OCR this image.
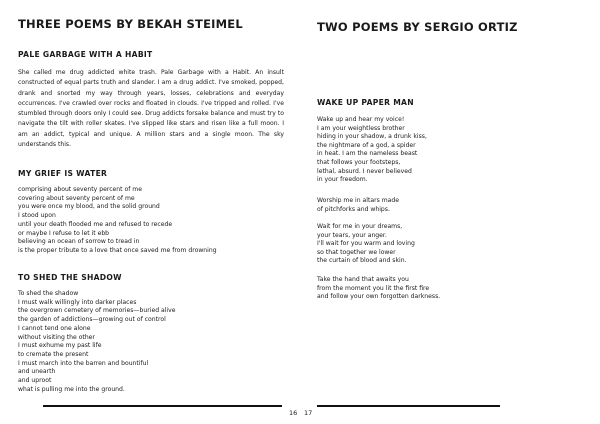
THREE POEMS BY BEKAH STEIMEL
PALE GARBAGE WITH A HABIT

She called me drug addicted white trash. Pale Garbage with a Habit. An insult constructed of equal parts truth and slander. I am a drug addict. I've smoked, popped, drank and snorted my way through years, losses, celebrations and everyday occurrences. I've crawled over rocks and floated in clouds. I've tripped and rolled. I've stumbled through doors only I could see. Drug addicts forsake balance and must try to navigate the tilt with roller skates. I've slipped like stars and risen like a full moon. I am an addict, typical and unique. A million stars and a single moon. The sky understands this.

MY GRIEF IS WATER
comprising about seventy percent of me
covering about seventy percent of me
you were once my blood, and the solid ground
I stood upon
until your death flooded me and refused to recede
or maybe I refuse to let it ebb
believing an ocean of sorrow to tread in
is the proper tribute to a love that once saved me from drowning
TO SHED THE SHADOW
To shed the shadow
I must walk willingly into darker places
the overgrown cemetery of memories—buried alive
the garden of addictions—growing out of control
I cannot tend one alone
without visiting the other
I must exhume my past life
to cremate the present
I must march into the barren and bountiful
and unearth
and uproot
what is pulling me into the ground.
16
TWO POEMS BY SERGIO ORTIZ
WAKE UP PAPER MAN
Wake up and hear my voice!
I am your weightless brother
hiding in your shadow, a drunk kiss,
the nightmare of a god, a spider
in heat. I am the nameless beast
that follows your footsteps,
lethal, absurd. I never believed
in your freedom.
Worship me in altars made
of pitchforks and whips.
Wait for me in your dreams,
your tears, your anger.
I'll wait for you warm and loving
so that together we lower
the curtain of blood and skin.
Take the hand that awaits you
from the moment you lit the first fire
and follow your own forgotten darkness.
17
